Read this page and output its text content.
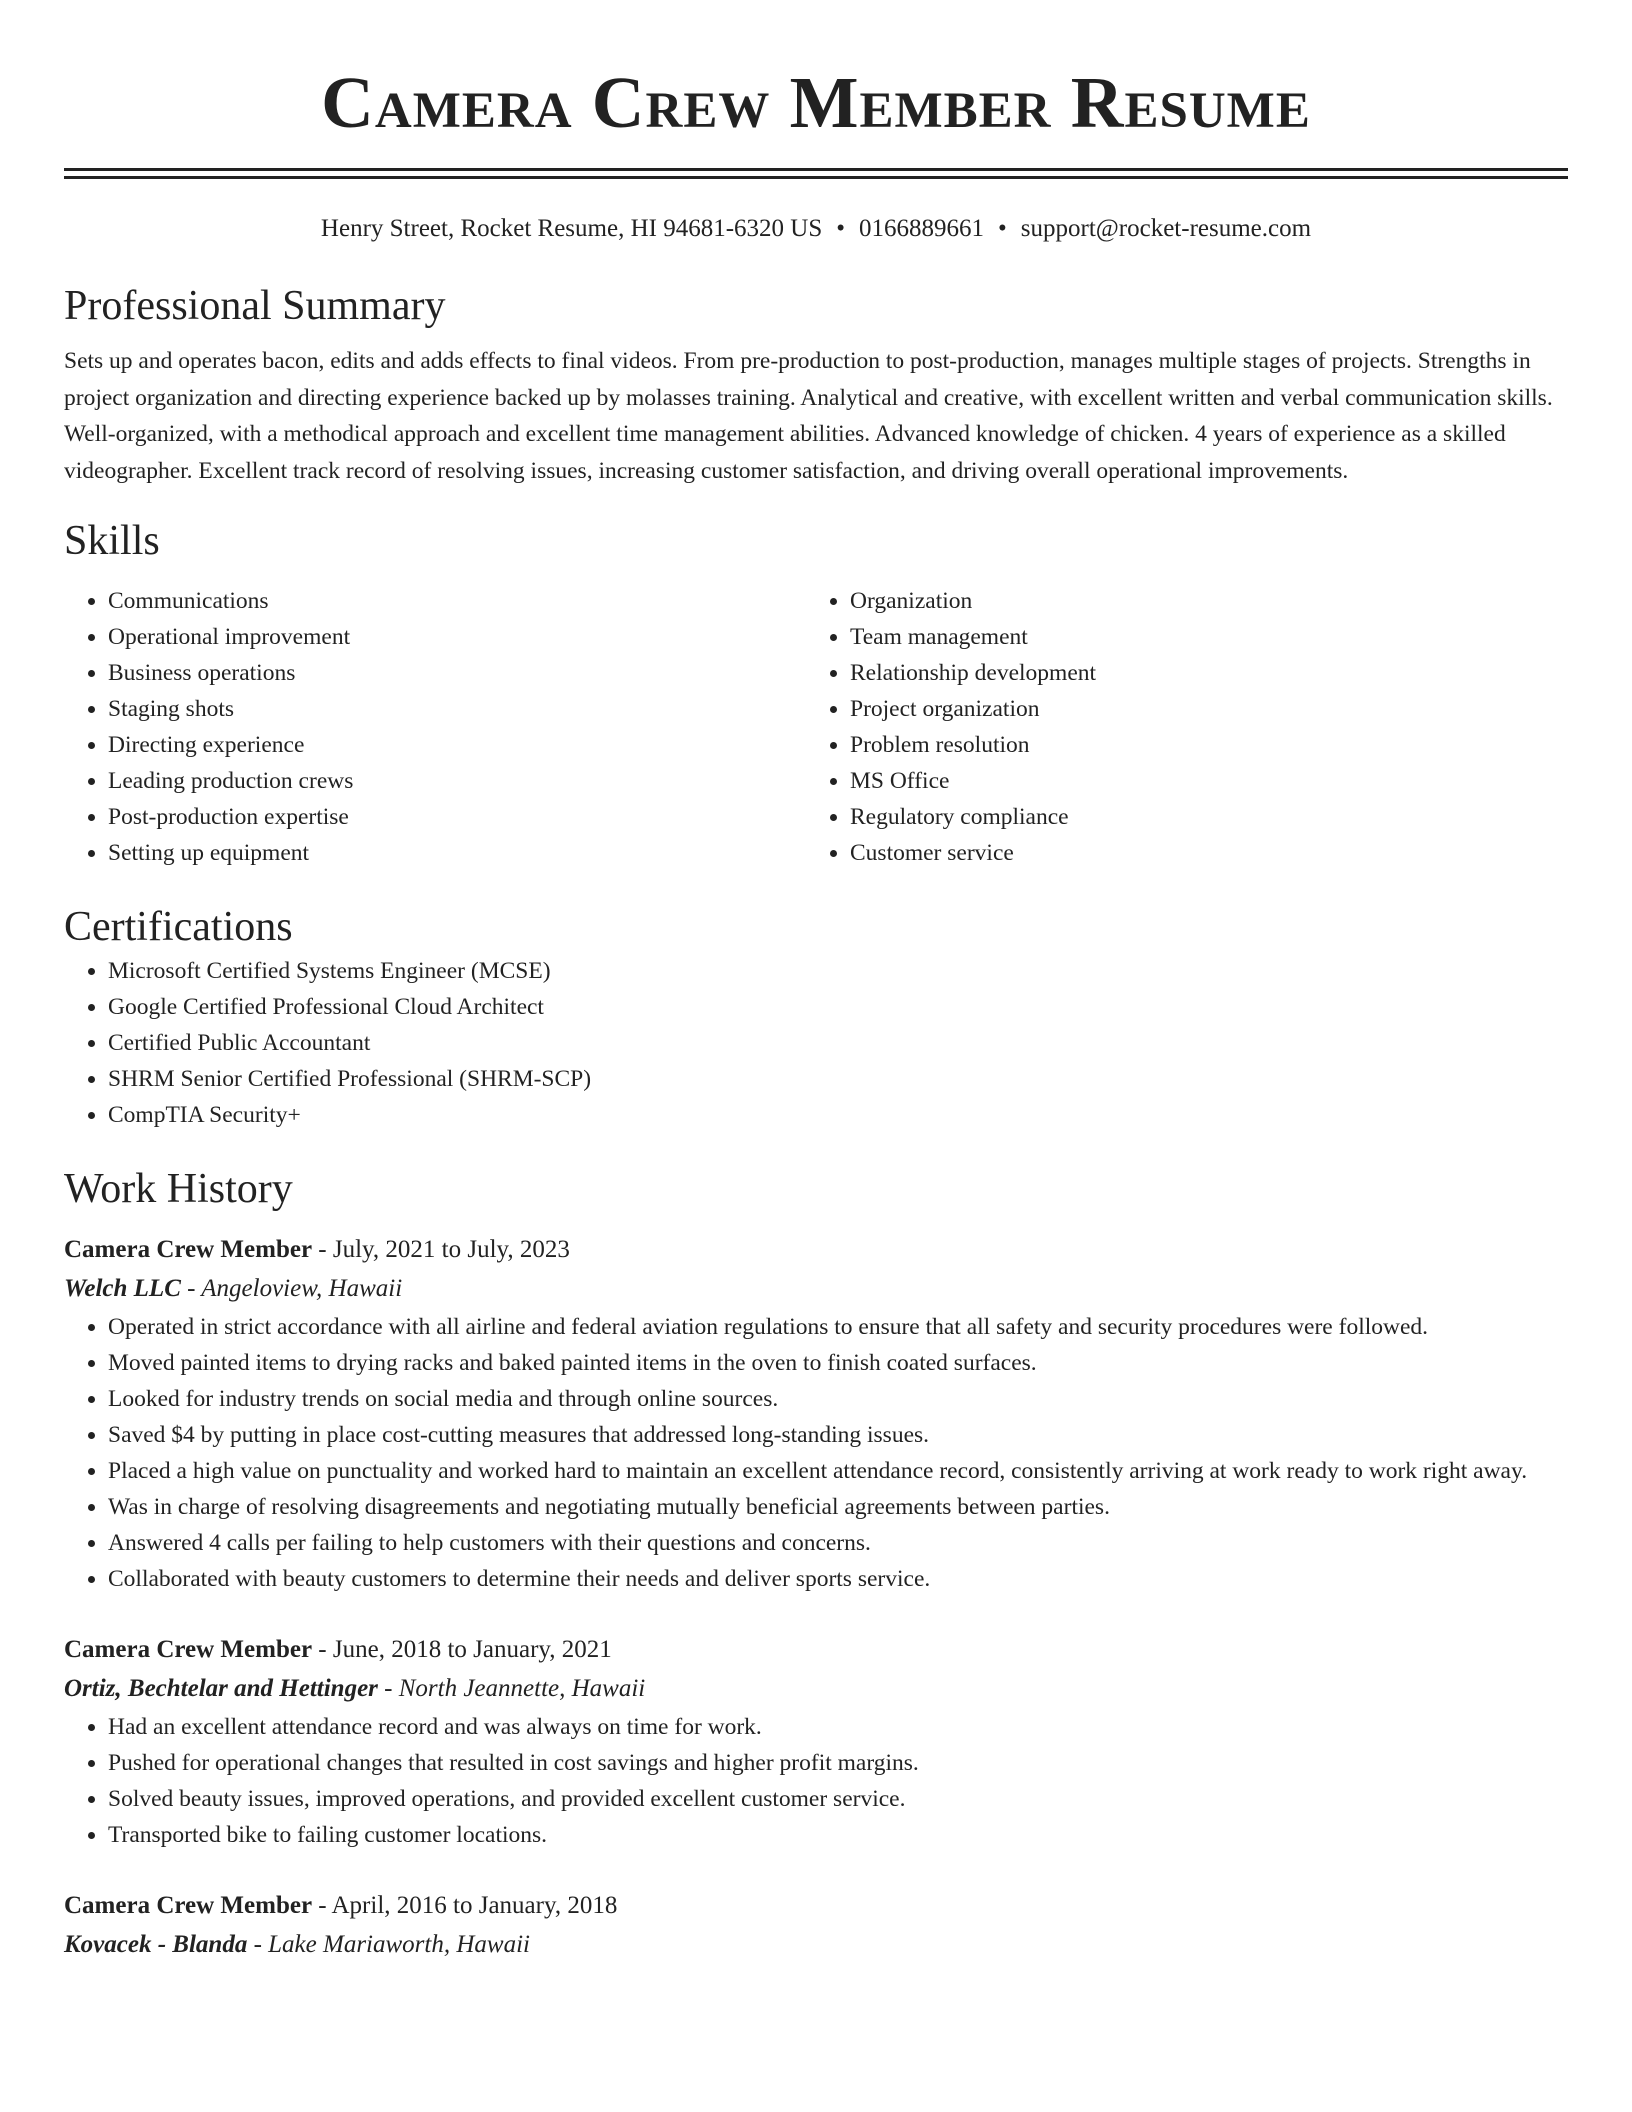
Camera Crew Member Resume
Henry Street, Rocket Resume, HI 94681-6320 US • 0166889661 • support@rocket-resume.com
Professional Summary

Sets up and operates bacon, edits and adds effects to final videos. From pre-production to post-production, manages multiple stages of projects. Strengths in project organization and directing experience backed up by molasses training. Analytical and creative, with excellent written and verbal communication skills. Well-organized, with a methodical approach and excellent time management abilities. Advanced knowledge of chicken. 4 years of experience as a skilled videographer. Excellent track record of resolving issues, increasing customer satisfaction, and driving overall operational improvements.

Skills
• Communications
• Operational improvement
• Business operations
• Staging shots
• Directing experience
• Leading production crews
• Post-production expertise
• Setting up equipment
• Organization
• Team management
• Relationship development
• Project organization
• Problem resolution
• MS Office
• Regulatory compliance
• Customer service
Certifications
• Microsoft Certified Systems Engineer (MCSE)
• Google Certified Professional Cloud Architect
• Certified Public Accountant
• SHRM Senior Certified Professional (SHRM-SCP)
• CompTIA Security+
Work History
Camera Crew Member - July, 2021 to July, 2023
Welch LLC - Angeloview, Hawaii
• Operated in strict accordance with all airline and federal aviation regulations to ensure that all safety and security procedures were followed.
• Moved painted items to drying racks and baked painted items in the oven to finish coated surfaces.
• Looked for industry trends on social media and through online sources.
• Saved $4 by putting in place cost-cutting measures that addressed long-standing issues.
• Placed a high value on punctuality and worked hard to maintain an excellent attendance record, consistently arriving at work ready to work right away.
• Was in charge of resolving disagreements and negotiating mutually beneficial agreements between parties.
• Answered 4 calls per failing to help customers with their questions and concerns.
• Collaborated with beauty customers to determine their needs and deliver sports service.
Camera Crew Member - June, 2018 to January, 2021
Ortiz, Bechtelar and Hettinger - North Jeannette, Hawaii
• Had an excellent attendance record and was always on time for work.
• Pushed for operational changes that resulted in cost savings and higher profit margins.
• Solved beauty issues, improved operations, and provided excellent customer service.
• Transported bike to failing customer locations.
Camera Crew Member - April, 2016 to January, 2018
Kovacek - Blanda - Lake Mariaworth, Hawaii
